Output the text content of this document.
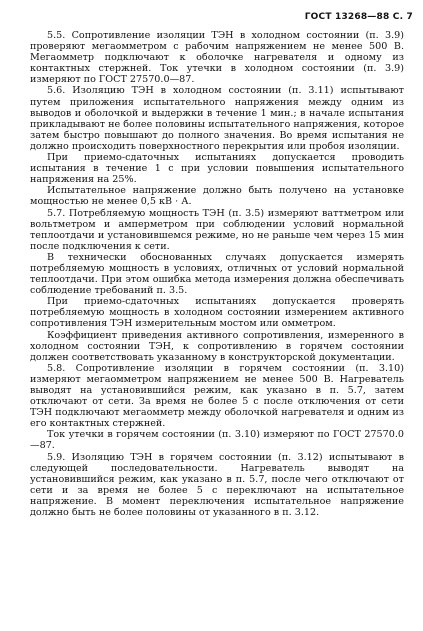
ГОСТ 13268—88 С. 7

5.5. Сопротивление изоляции ТЭН в холодном состоянии (п. 3.9) проверяют мегаомметром с рабочим напряжением не менее 500 В. Мегаомметр подключают к оболочке нагревателя и одному из контактных стержней. Ток утечки в холодном состоянии (п. 3.9) измеряют по ГОСТ 27570.0—87.

5.6. Изоляцию ТЭН в холодном состоянии (п. 3.11) испытывают путем приложения испытательного напряжения между одним из выводов и оболочкой и выдержки в течение 1 мин.; в начале испытания прикладывают не более половины испытательного напряжения, которое затем быстро повышают до полного значения. Во время испытания не должно происходить поверхностного перекрытия или пробоя изоляции.

При приемо-сдаточных испытаниях допускается проводить испытания в течение 1 с при условии повышения испытательного напряжения на 25%.

Испытательное напряжение должно быть получено на установке мощностью не менее 0,5 кВ · А.

5.7. Потребляемую мощность ТЭН (п. 3.5) измеряют ваттметром или вольтметром и амперметром при соблюдении условий нормальной теплоотдачи и установившемся режиме, но не раньше чем через 15 мин после подключения к сети.

В технически обоснованных случаях допускается измерять потребляемую мощность в условиях, отличных от условий нормальной теплоотдачи. При этом ошибка метода измерения должна обеспечивать соблюдение требований п. 3.5.

При приемо-сдаточных испытаниях допускается проверять потребляемую мощность в холодном состоянии измерением активного сопротивления ТЭН измерительным мостом или омметром.

Коэффициент приведения активного сопротивления, измеренного в холодном состоянии ТЭН, к сопротивлению в горячем состоянии должен соответствовать указанному в конструкторской документации.

5.8. Сопротивление изоляции в горячем состоянии (п. 3.10) измеряют мегаомметром напряжением не менее 500 В. Нагреватель выводят на установившийся режим, как указано в п. 5.7, затем отключают от сети. За время не более 5 с после отключения от сети ТЭН подключают мегаомметр между оболочкой нагревателя и одним из его контактных стержней.

Ток утечки в горячем состоянии (п. 3.10) измеряют по ГОСТ 27570.0—87.

5.9. Изоляцию ТЭН в горячем состоянии (п. 3.12) испытывают в следующей последовательности. Нагреватель выводят на установившийся режим, как указано в п. 5.7, после чего отключают от сети и за время не более 5 с переключают на испытательное напряжение. В момент переключения испытательное напряжение должно быть не более половины от указанного в п. 3.12.
